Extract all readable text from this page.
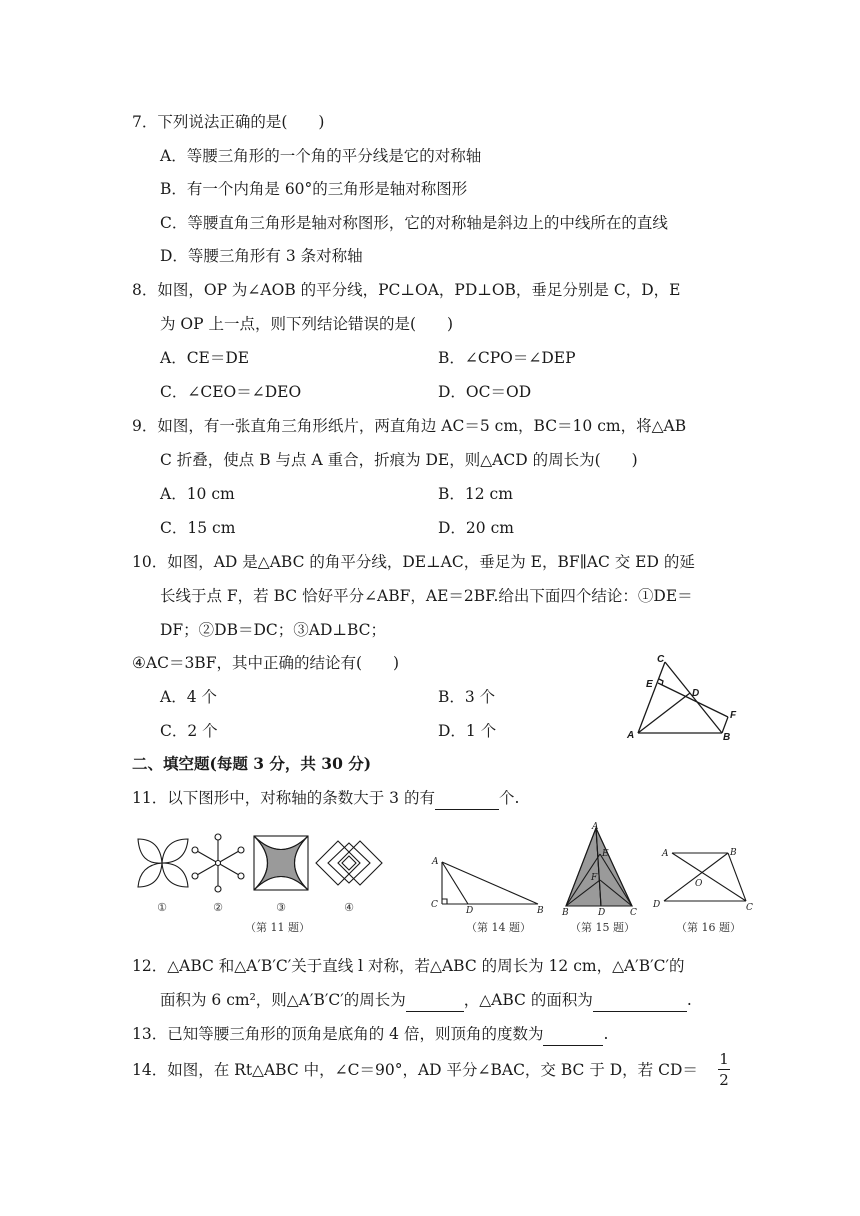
7．下列说法正确的是(　　)
A．等腰三角形的一个角的平分线是它的对称轴
B．有一个内角是 60°的三角形是轴对称图形
C．等腰直角三角形是轴对称图形，它的对称轴是斜边上的中线所在的直线
D．等腰三角形有 3 条对称轴
8．如图，OP 为∠AOB 的平分线，PC⊥OA，PD⊥OB，垂足分别是 C，D，E
为 OP 上一点，则下列结论错误的是(　　)
A．CE＝DE	B．∠CPO＝∠DEP
C．∠CEO＝∠DEO	D．OC＝OD
9．如图，有一张直角三角形纸片，两直角边 AC＝5 cm，BC＝10 cm，将△AB
C 折叠，使点 B 与点 A 重合，折痕为 DE，则△ACD 的周长为(　　)
A．10 cm	B．12 cm
C．15 cm	D．20 cm
10．如图，AD 是△ABC 的角平分线，DE⊥AC，垂足为 E，BF∥AC 交 ED 的延
长线于点 F，若 BC 恰好平分∠ABF，AE＝2BF.给出下面四个结论：①DE＝
DF；②DB＝DC；③AD⊥BC；
④AC＝3BF，其中正确的结论有(　　)
A．4 个	B．3 个
C．2 个	D．1 个
C
E
D
F
A	B
二、填空题(每题 3 分，共 30 分)
11．以下图形中，对称轴的条数大于 3 的有	个.
①	②	③	④
（第 11 题）
A
C
D	B
（第 14 题）
A
E
F
B	D	C
（第 15 题）
A	B
O
D	C
（第 16 题）
12．△ABC 和△A′B′C′关于直线 l 对称，若△ABC 的周长为 12 cm，△A′B′C′的
面积为 6 cm²，则△A′B′C′的周长为	，△ABC 的面积为	.
13．已知等腰三角形的顶角是底角的 4 倍，则顶角的度数为	.
14．如图，在 Rt△ABC 中，∠C＝90°，AD 平分∠BAC，交 BC 于 D，若 CD＝
1
2
